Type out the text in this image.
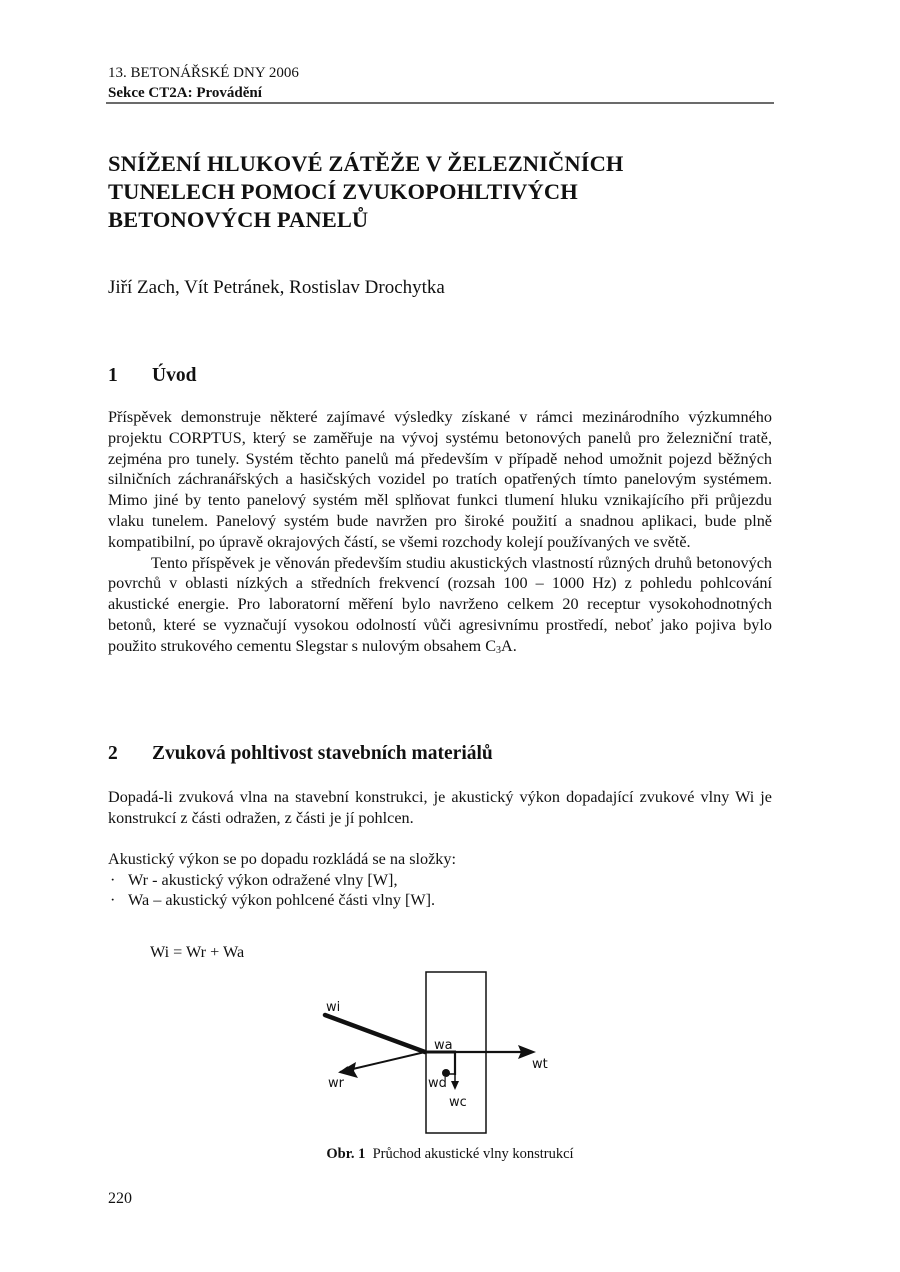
13. BETONÁŘSKÉ DNY 2006
Sekce CT2A: Provádění
SNÍŽENÍ HLUKOVÉ ZÁTĚŽE V ŽELEZNIČNÍCH
TUNELECH POMOCÍ ZVUKOPOHLTIVÝCH
BETONOVÝCH PANELŮ
Jiří Zach, Vít Petránek, Rostislav Drochytka
1 Úvod

Příspěvek demonstruje některé zajímavé výsledky získané v rámci mezinárodního výzkumného projektu CORPTUS, který se zaměřuje na vývoj systému betonových panelů pro železniční tratě, zejména pro tunely. Systém těchto panelů má především v případě nehod umožnit pojezd běžných silničních záchranářských a hasičských vozidel po tratích opatřených tímto panelovým systémem. Mimo jiné by tento panelový systém měl splňovat funkci tlumení hluku vznikajícího při průjezdu vlaku tunelem. Panelový systém bude navržen pro široké použití a snadnou aplikaci, bude plně kompatibilní, po úpravě okrajových částí, se všemi rozchody kolejí používaných ve světě.

Tento příspěvek je věnován především studiu akustických vlastností různých druhů betonových povrchů v oblasti nízkých a středních frekvencí (rozsah 100 – 1000 Hz) z pohledu pohlcování akustické energie. Pro laboratorní měření bylo navrženo celkem 20 receptur vysokohodnotných betonů, které se vyznačují vysokou odolností vůči agresivnímu prostředí, neboť jako pojiva bylo použito strukového cementu Slegstar s nulovým obsahem $C_3A$.

2 Zvuková pohltivost stavebních materiálů

Dopadá-li zvuková vlna na stavební konstrukci, je akustický výkon dopadající zvukové vlny Wi je konstrukcí z části odražen, z části je jí pohlcen.

Akustický výkon se po dopadu rozkládá se na složky:
· Wr - akustický výkon odražené vlny [W],
· Wa – akustický výkon pohlcené části vlny [W].
Wi = Wr + Wa
wi
wa
wt
wr	wd
wc
Obr. 1 Průchod akustické vlny konstrukcí
220
